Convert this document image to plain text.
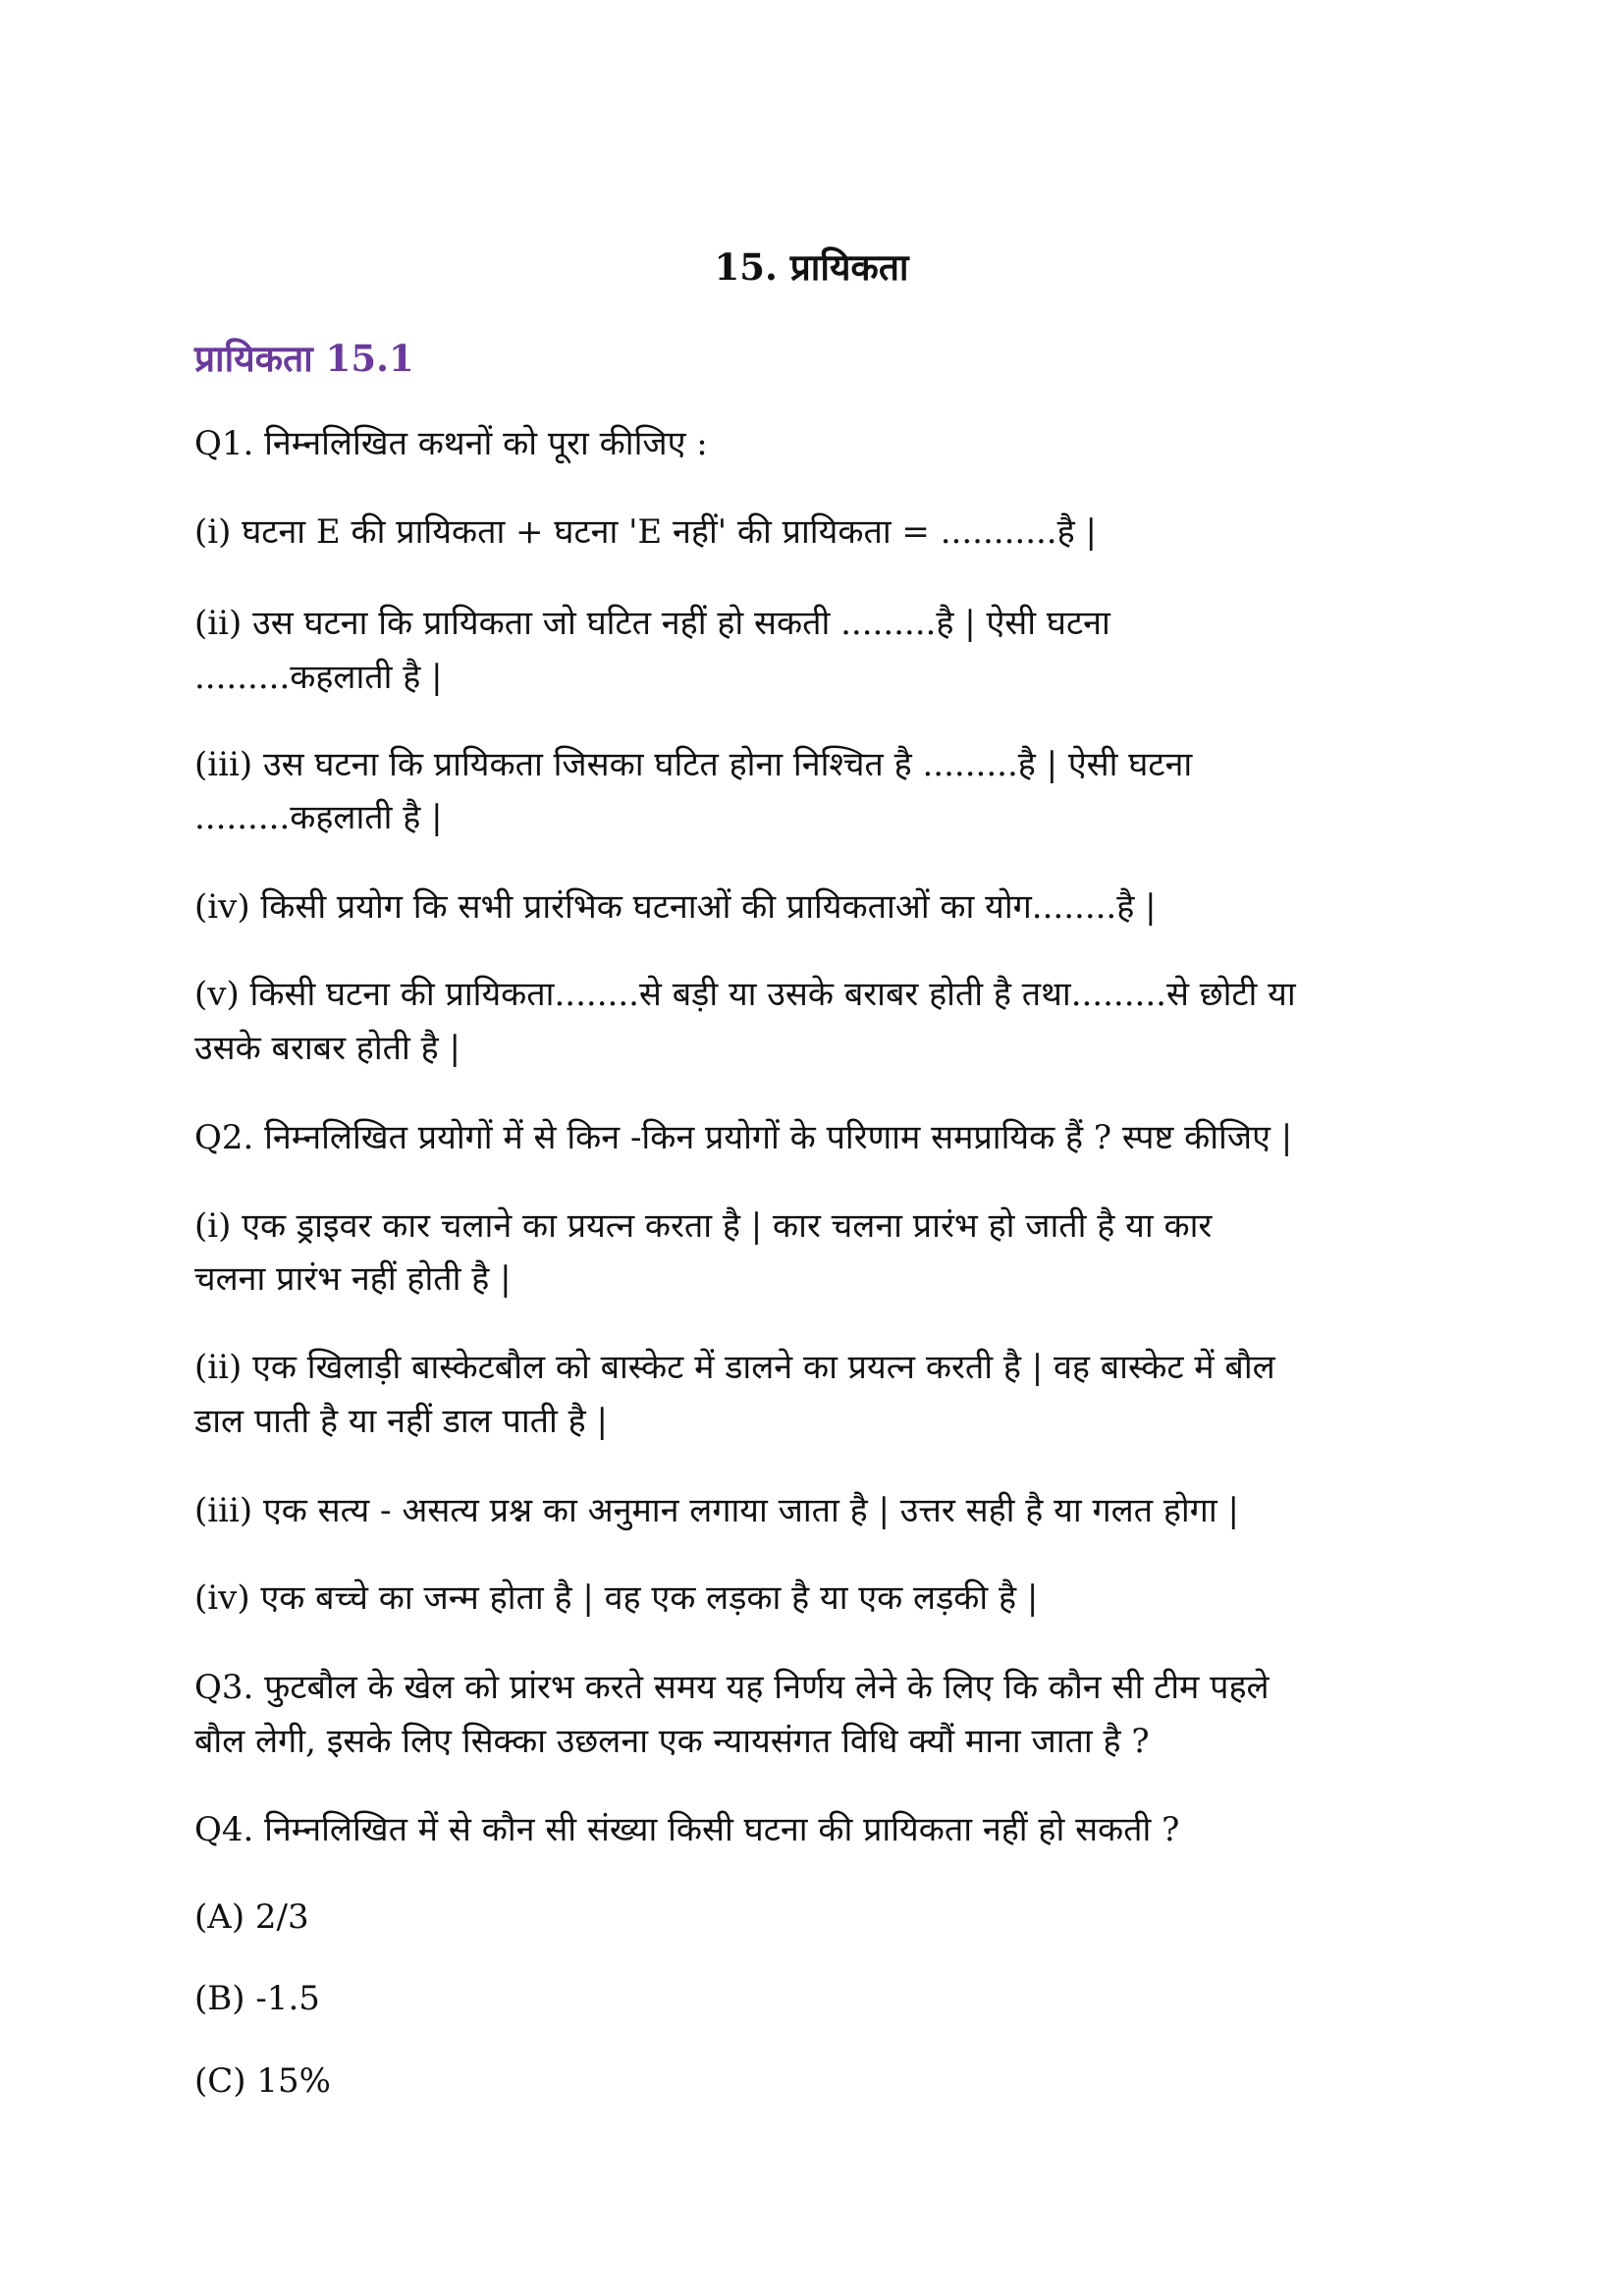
15. प्रायिकता
प्रायिकता 15.1

Q1. निम्नलिखित कथनों को पूरा कीजिए :

(i) घटना E की प्रायिकता + घटना 'E नहीं' की प्रायिकता = ...........है |

(ii) उस घटना कि प्रायिकता जो घटित नहीं हो सकती .........है | ऐसी घटना

.........कहलाती है |

(iii) उस घटना कि प्रायिकता जिसका घटित होना निश्चित है .........है | ऐसी घटना

.........कहलाती है |

(iv) किसी प्रयोग कि सभी प्रारंभिक घटनाओं की प्रायिकताओं का योग........है |

(v) किसी घटना की प्रायिकता........से बड़ी या उसके बराबर होती है तथा.........से छोटी या

उसके बराबर होती है |

Q2. निम्नलिखित प्रयोगों में से किन -किन प्रयोगों के परिणाम समप्रायिक हैं ? स्पष्ट कीजिए |

(i) एक ड्राइवर कार चलाने का प्रयत्न करता है | कार चलना प्रारंभ हो जाती है या कार

चलना प्रारंभ नहीं होती है |

(ii) एक खिलाड़ी बास्केटबौल को बास्केट में डालने का प्रयत्न करती है | वह बास्केट में बौल

डाल पाती है या नहीं डाल पाती है |

(iii) एक सत्य - असत्य प्रश्न का अनुमान लगाया जाता है | उत्तर सही है या गलत होगा |

(iv) एक बच्चे का जन्म होता है | वह एक लड़का है या एक लड़की है |

Q3. फुटबौल के खेल को प्रांरभ करते समय यह निर्णय लेने के लिए कि कौन सी टीम पहले

बौल लेगी, इसके लिए सिक्का उछलना एक न्यायसंगत विधि क्यौं माना जाता है ?

Q4. निम्नलिखित में से कौन सी संख्या किसी घटना की प्रायिकता नहीं हो सकती ?

(A) 2/3

(B) -1.5

(C) 15%
